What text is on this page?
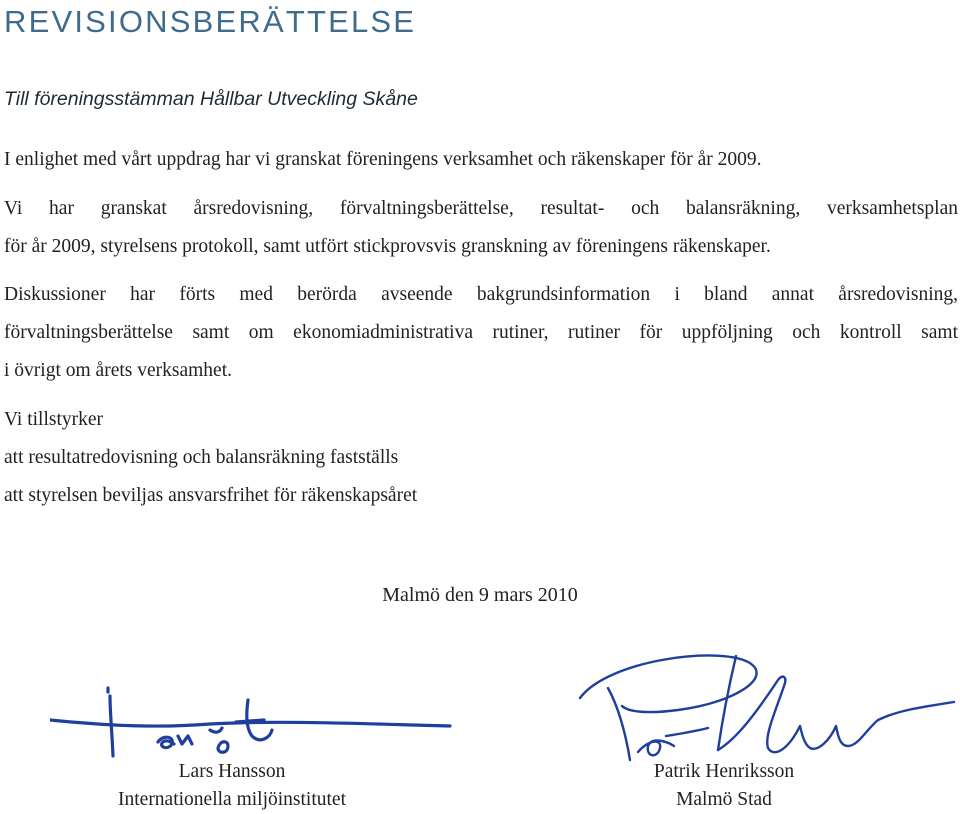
REVISIONSBERÄTTELSE

Till föreningsstämman Hållbar Utveckling Skåne

I enlighet med vårt uppdrag har vi granskat föreningens verksamhet och räkenskaper för år 2009.

Vi har granskat årsredovisning, förvaltningsberättelse, resultat- och balansräkning, verksamhetsplan
för år 2009, styrelsens protokoll, samt utfört stickprovsvis granskning av föreningens räkenskaper.
Diskussioner har förts med berörda avseende bakgrundsinformation i bland annat årsredovisning,
förvaltningsberättelse samt om ekonomiadministrativa rutiner, rutiner för uppföljning och kontroll samt
i övrigt om årets verksamhet.
Vi tillstyrker
att resultatredovisning och balansräkning fastställs
att styrelsen beviljas ansvarsfrihet för räkenskapsåret

Malmö den 9 mars 2010

Lars Hansson
Internationella miljöinstitutet
Patrik Henriksson
Malmö Stad
